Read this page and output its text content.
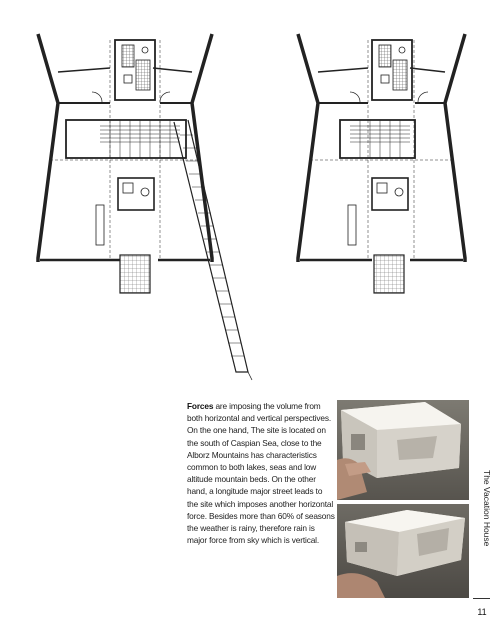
Forces are imposing the volume from both horizontal and vertical perspectives. On the one hand, The site is located on the south of Caspian Sea, close to the Alborz Mountains has characteristics common to both lakes, seas and low altitude mountain beds. On the other hand, a longitude major street leads to the site which imposes another horizontal force. Besides more than 60% of seasons the weather is rainy, therefore rain is major force from sky which is vertical.	The Vacation House
11
